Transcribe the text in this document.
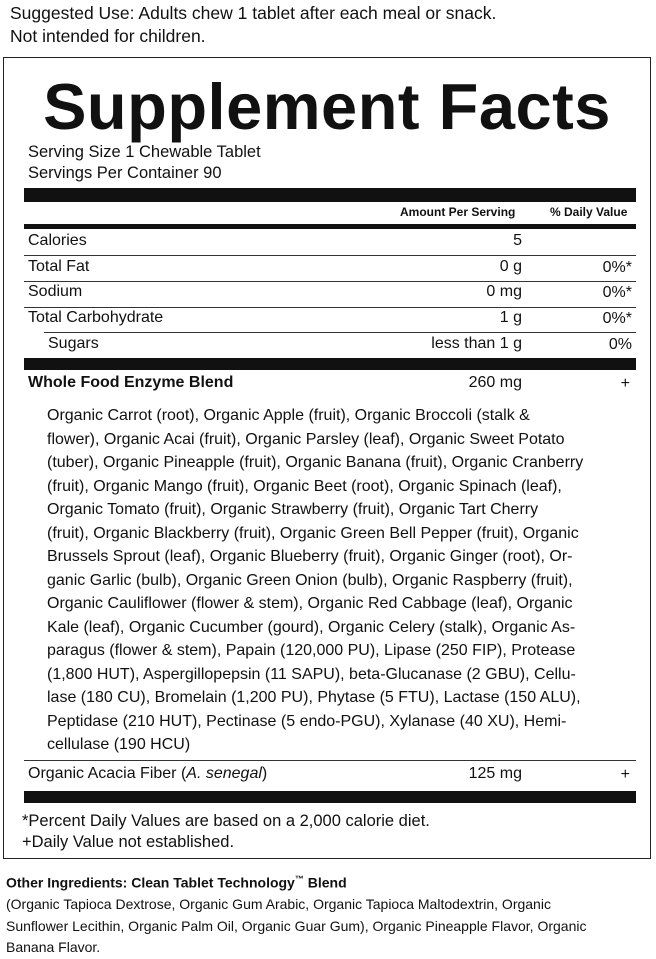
Suggested Use: Adults chew 1 tablet after each meal or snack.
Not intended for children.
Supplement Facts
Serving Size 1 Chewable Tablet
Servings Per Container 90
Amount Per Serving	% Daily Value
Calories	5
Total Fat	0 g	0%*
Sodium	0 mg	0%*
Total Carbohydrate	1 g	0%*
Sugars	less than 1 g	0%
Whole Food Enzyme Blend	260 mg	+
Organic Carrot (root), Organic Apple (fruit), Organic Broccoli (stalk &
flower), Organic Acai (fruit), Organic Parsley (leaf), Organic Sweet Potato
(tuber), Organic Pineapple (fruit), Organic Banana (fruit), Organic Cranberry
(fruit), Organic Mango (fruit), Organic Beet (root), Organic Spinach (leaf),
Organic Tomato (fruit), Organic Strawberry (fruit), Organic Tart Cherry
(fruit), Organic Blackberry (fruit), Organic Green Bell Pepper (fruit), Organic
Brussels Sprout (leaf), Organic Blueberry (fruit), Organic Ginger (root), Or-
ganic Garlic (bulb), Organic Green Onion (bulb), Organic Raspberry (fruit),
Organic Cauliflower (flower & stem), Organic Red Cabbage (leaf), Organic
Kale (leaf), Organic Cucumber (gourd), Organic Celery (stalk), Organic As-
paragus (flower & stem), Papain (120,000 PU), Lipase (250 FIP), Protease
(1,800 HUT), Aspergillopepsin (11 SAPU), beta-Glucanase (2 GBU), Cellu-
lase (180 CU), Bromelain (1,200 PU), Phytase (5 FTU), Lactase (150 ALU),
Peptidase (210 HUT), Pectinase (5 endo-PGU), Xylanase (40 XU), Hemi-
cellulase (190 HCU)
Organic Acacia Fiber (A. senegal)	125 mg	+
*Percent Daily Values are based on a 2,000 calorie diet.
+Daily Value not established.
Other Ingredients: Clean Tablet Technology™ Blend
(Organic Tapioca Dextrose, Organic Gum Arabic, Organic Tapioca Maltodextrin, Organic
Sunflower Lecithin, Organic Palm Oil, Organic Guar Gum), Organic Pineapple Flavor, Organic
Banana Flavor.
